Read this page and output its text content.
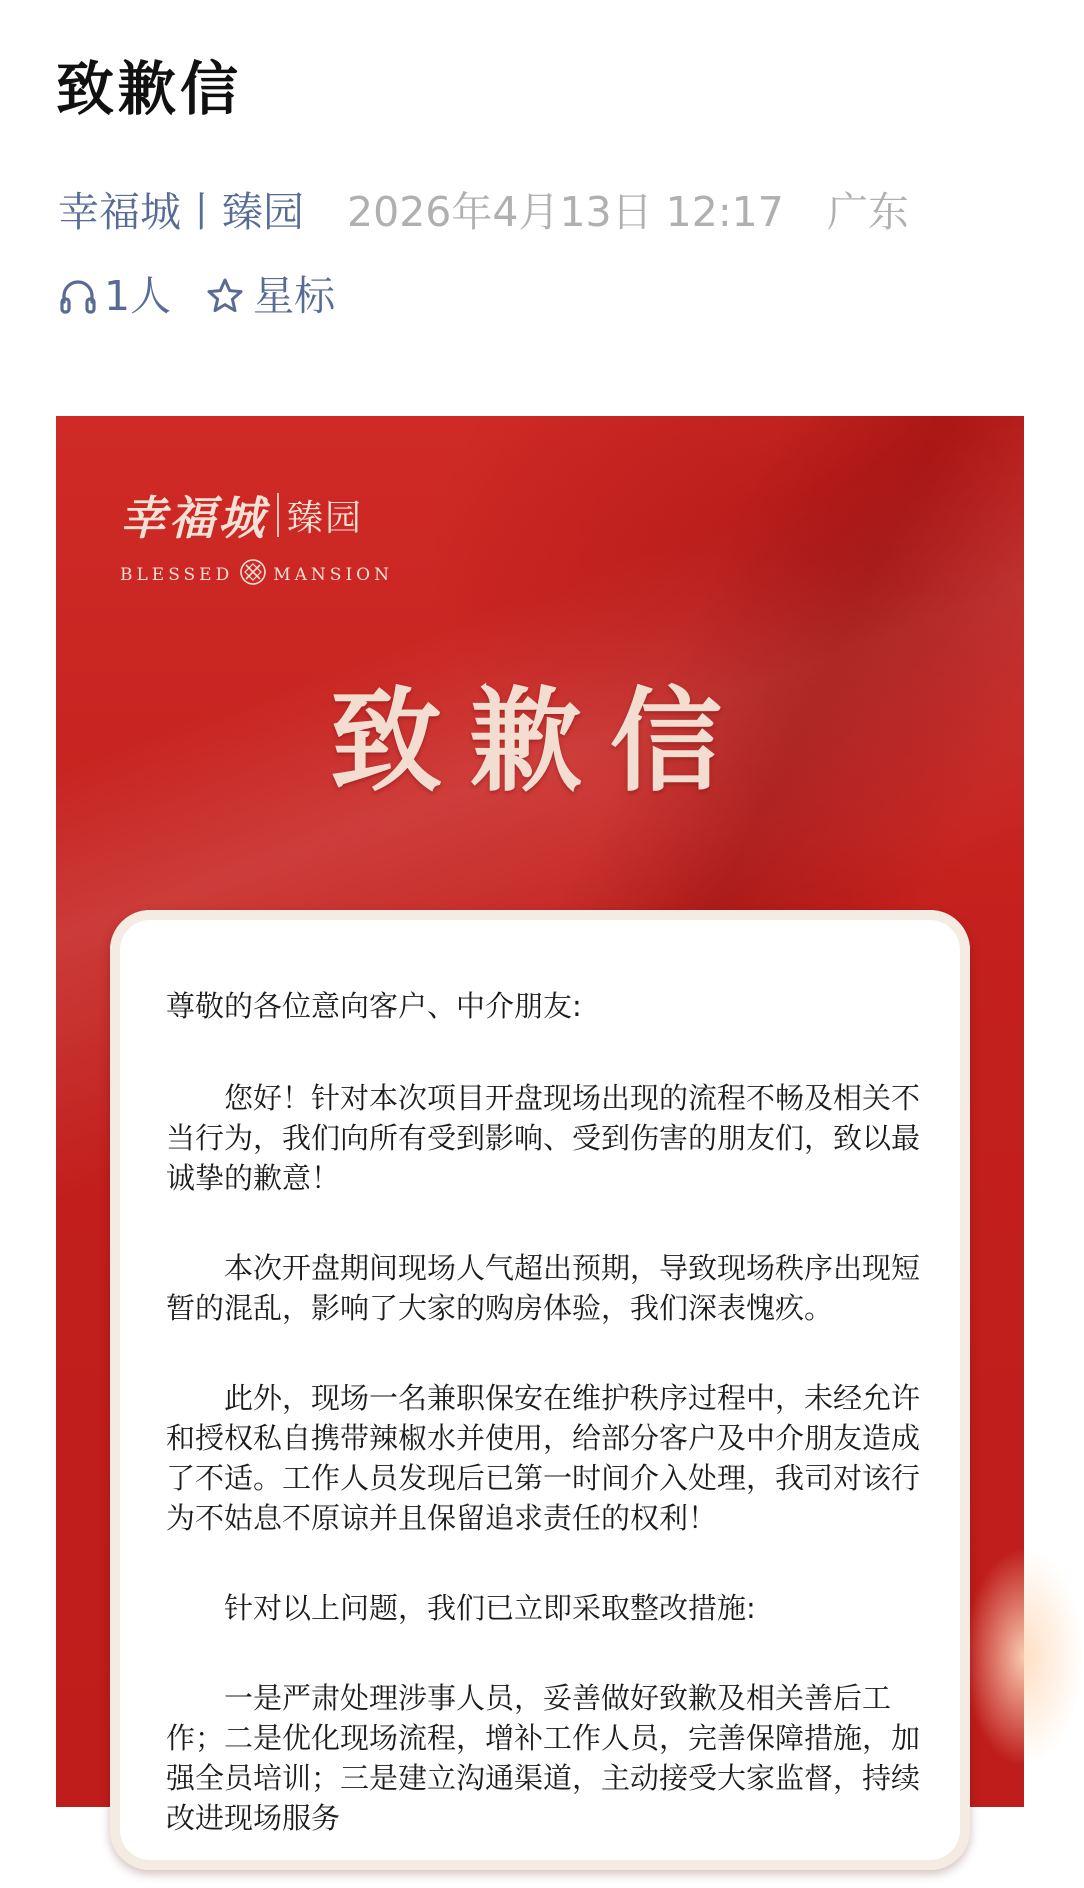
致歉信
幸福城丨臻园 2026年4月13日 12:17 广东
1人 星标
幸福城 臻园
BLESSED MANSION
致歉信

尊敬的各位意向客户、中介朋友:

您好！针对本次项目开盘现场出现的流程不畅及相关不当行为，我们向所有受到影响、受到伤害的朋友们，致以最诚挚的歉意！

本次开盘期间现场人气超出预期，导致现场秩序出现短暂的混乱，影响了大家的购房体验，我们深表愧疚。

此外，现场一名兼职保安在维护秩序过程中，未经允许和授权私自携带辣椒水并使用，给部分客户及中介朋友造成了不适。工作人员发现后已第一时间介入处理，我司对该行为不姑息不原谅并且保留追求责任的权利！

针对以上问题，我们已立即采取整改措施:

一是严肃处理涉事人员，妥善做好致歉及相关善后工作；二是优化现场流程，增补工作人员，完善保障措施，加强全员培训；三是建立沟通渠道，主动接受大家监督，持续改进现场服务
